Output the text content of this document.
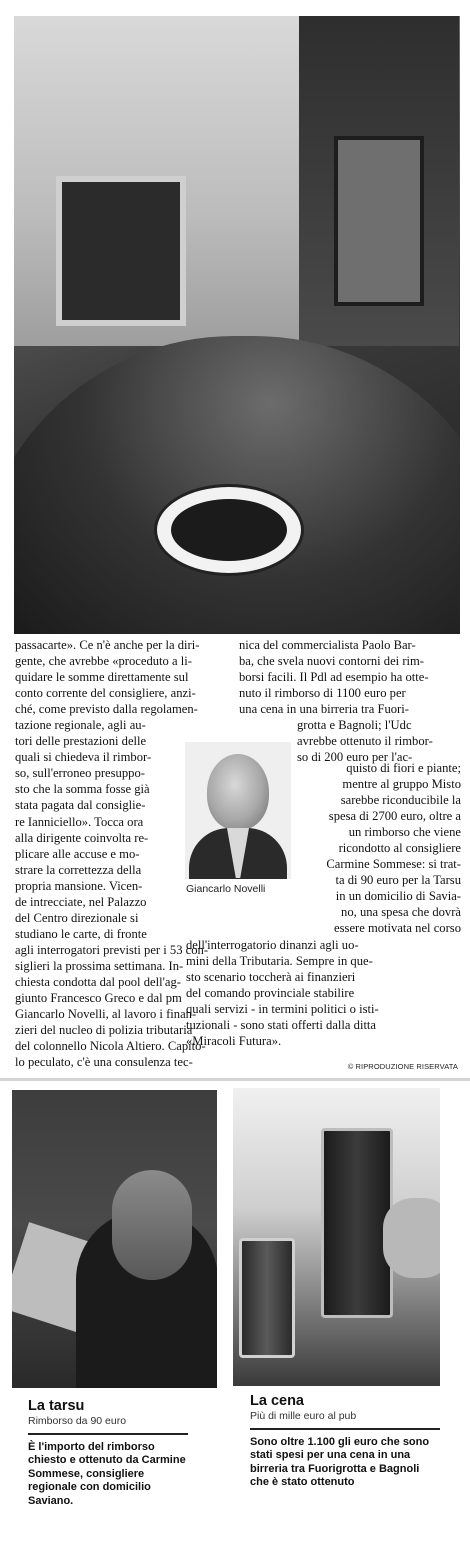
passacarte». Ce n'è anche per la diri-

gente, che avrebbe «proceduto a li-

quidare le somme direttamente sul

conto corrente del consigliere, anzi-

ché, come previsto dalla regolamen-

tazione regionale, agli au-

tori delle prestazioni delle

quali si chiedeva il rimbor-

so, sull'erroneo presuppo-

sto che la somma fosse già

stata pagata dal consiglie-

re Ianniciello». Tocca ora

alla dirigente coinvolta re-

plicare alle accuse e mo-

strare la correttezza della

propria mansione. Vicen-

de intrecciate, nel Palazzo

del Centro direzionale si

studiano le carte, di fronte

agli interrogatori previsti per i 53 con-

siglieri la prossima settimana. In-

chiesta condotta dal pool dell'ag-

giunto Francesco Greco e dal pm

Giancarlo Novelli, al lavoro i finan-

zieri del nucleo di polizia tributaria

del colonnello Nicola Altiero. Capito-

lo peculato, c'è una consulenza tec-

nica del commercialista Paolo Bar-

ba, che svela nuovi contorni dei rim-

borsi facili. Il Pdl ad esempio ha otte-

nuto il rimborso di 1100 euro per

una cena in una birreria tra Fuori-

grotta e Bagnoli; l'Udc

avrebbe ottenuto il rimbor-

so di 200 euro per l'ac-

quisto di fiori e piante;
mentre al gruppo Misto
sarebbe riconducibile la
spesa di 2700 euro, oltre a
un rimborso che viene
ricondotto al consigliere
Carmine Sommese: si trat-
ta di 90 euro per la Tarsu
in un domicilio di Savia-
no, una spesa che dovrà
essere motivata nel corso
Giancarlo Novelli

dell'interrogatorio dinanzi agli uo-

mini della Tributaria. Sempre in que-

sto scenario toccherà ai finanzieri

del comando provinciale stabilire

quali servizi - in termini politici o isti-

tuzionali - sono stati offerti dalla ditta

«Miracoli Futura».

© RIPRODUZIONE RISERVATA
La tarsu
Rimborso da 90 euro
È l'importo del rimborso chiesto e ottenuto da Carmine Sommese, consigliere regionale con domicilio Saviano.
La cena
Più di mille euro al pub
Sono oltre 1.100 gli euro che sono stati spesi per una cena in una birreria tra Fuorigrotta e Bagnoli che è stato ottenuto
